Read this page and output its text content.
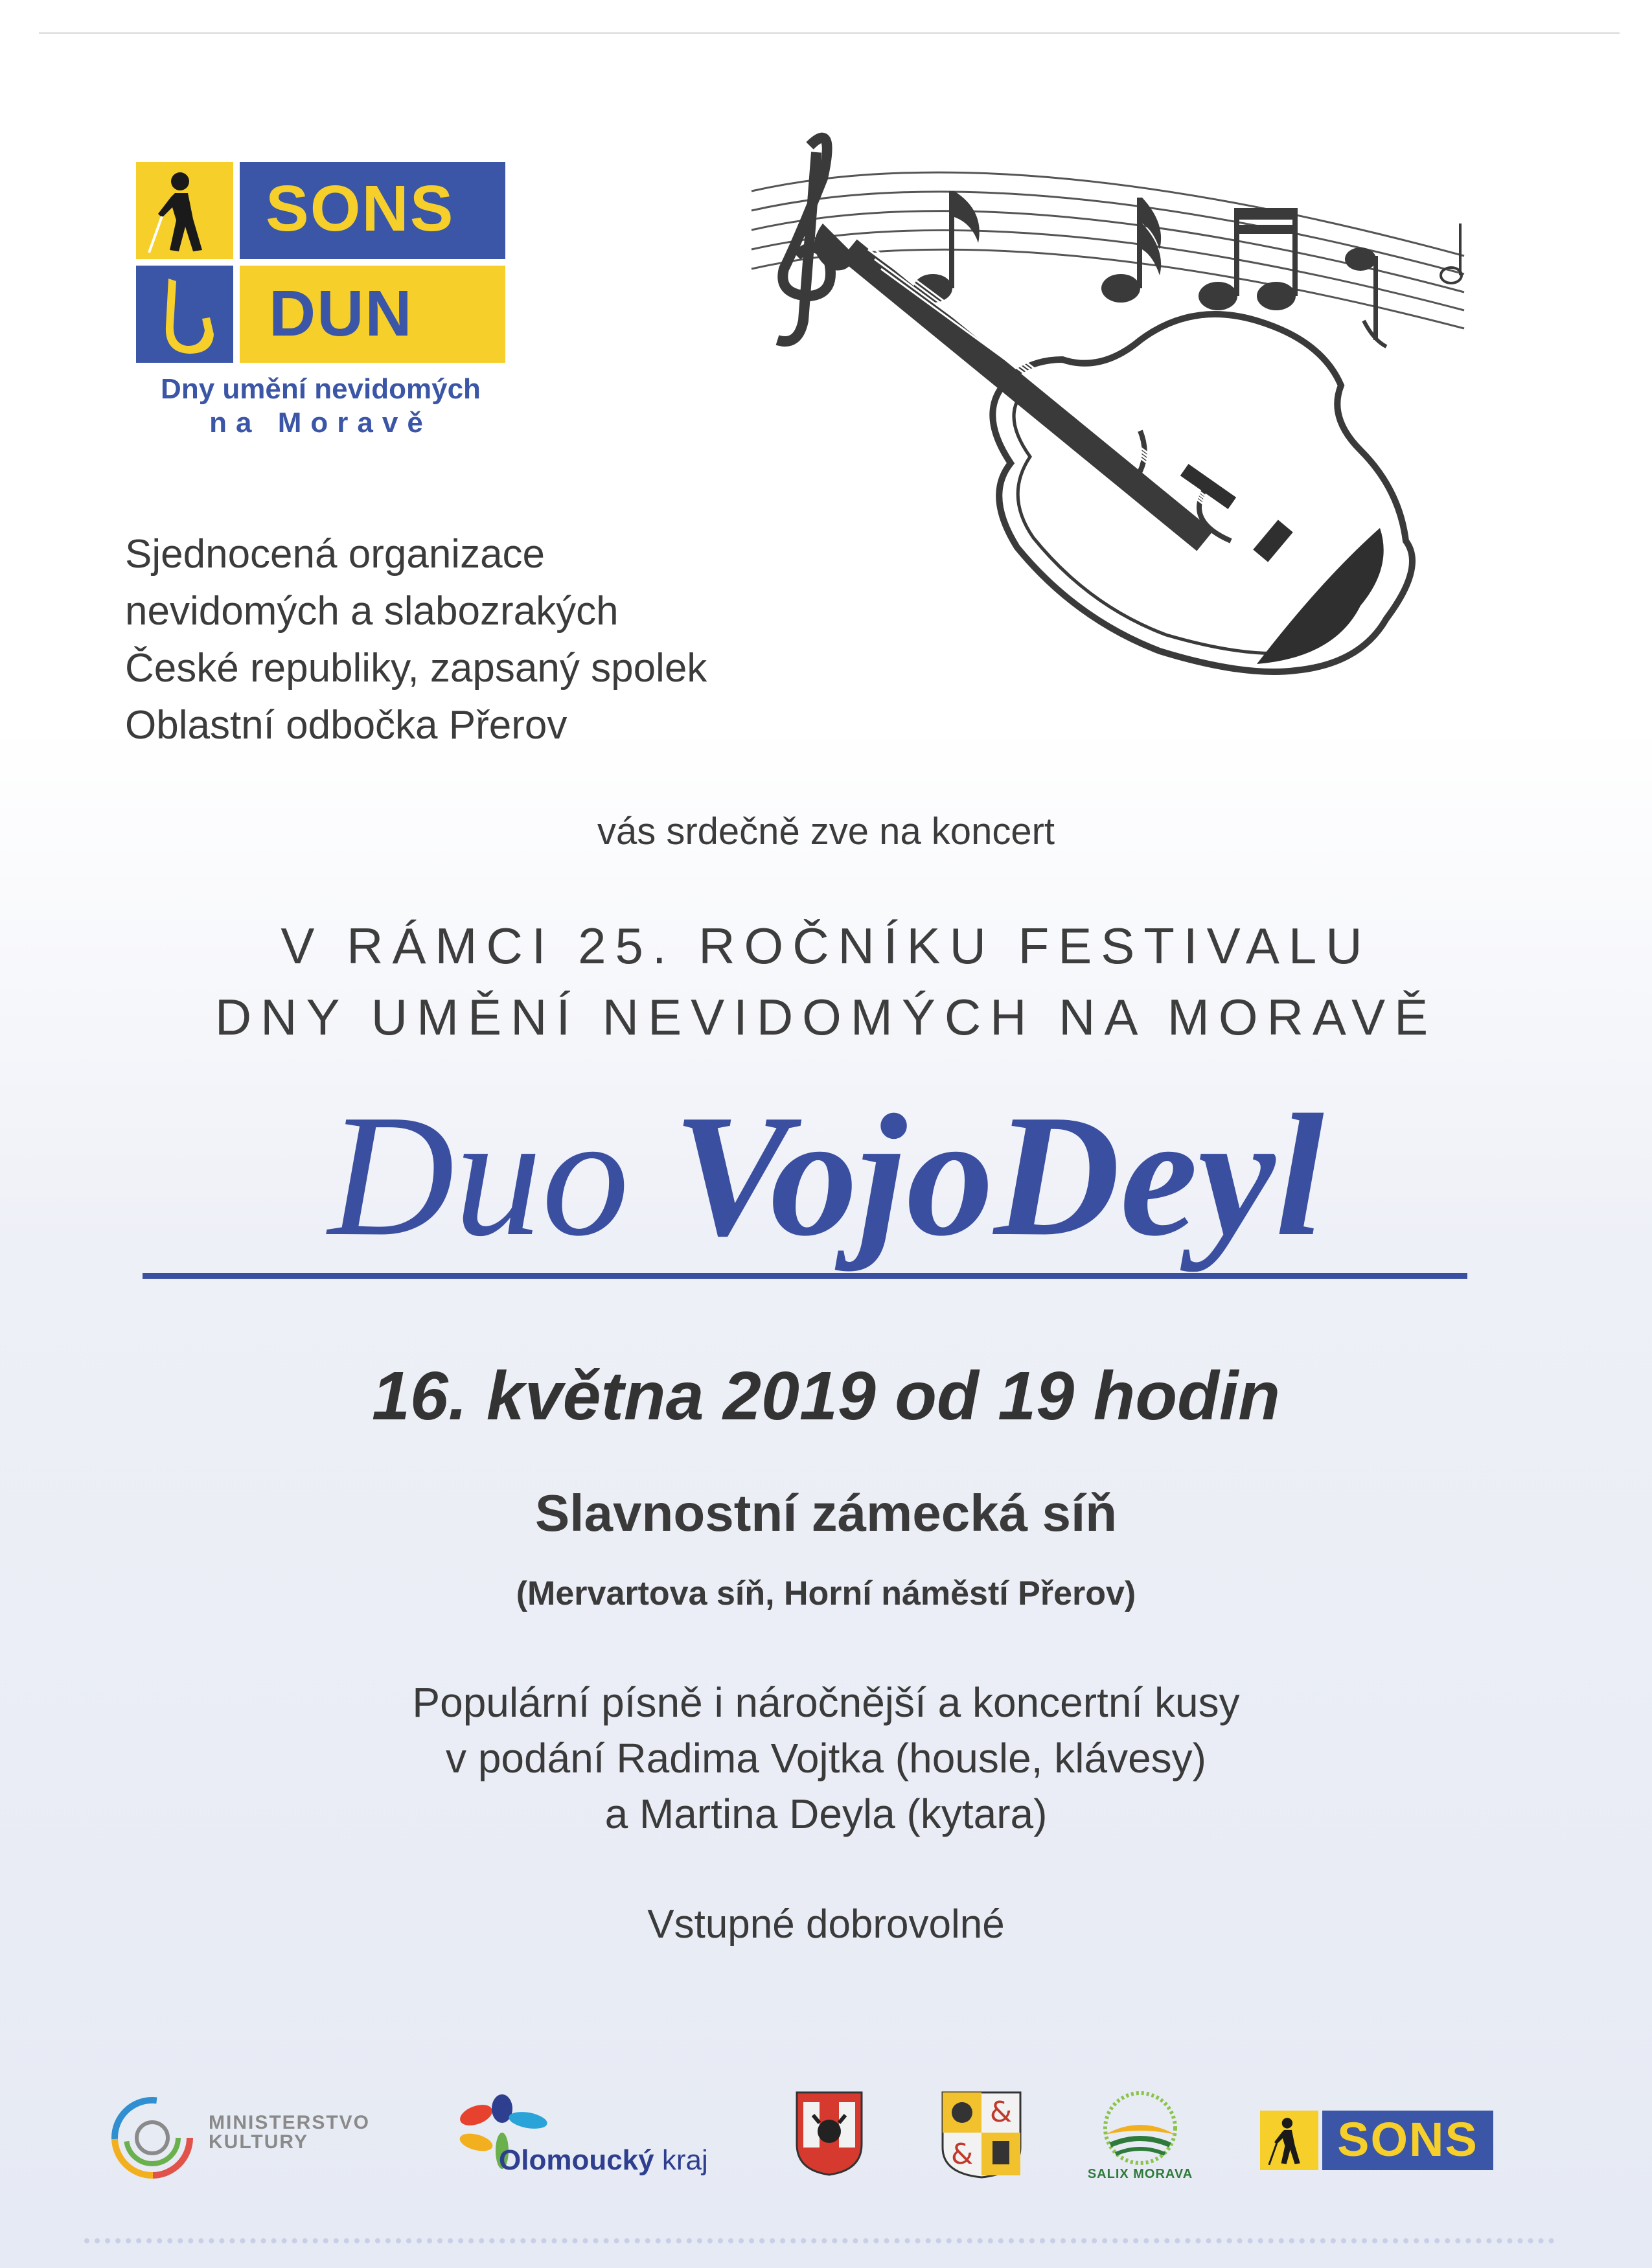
SONS
DUN
Dny umění nevidomých
na Moravě
Sjednocená organizace
nevidomých a slabozrakých
České republiky, zapsaný spolek
Oblastní odbočka Přerov
vás srdečně zve na koncert
V RÁMCI 25. ROČNÍKU FESTIVALU
DNY UMĚNÍ NEVIDOMÝCH NA MORAVĚ
Duo VojoDeyl
16. května 2019 od 19 hodin
Slavnostní zámecká síň
(Mervartova síň, Horní náměstí Přerov)
Populární písně i náročnější a koncertní kusy
v podání Radima Vojtka (housle, klávesy)
a Martina Deyla (kytara)
Vstupné dobrovolné
MINISTERSTVO
KULTURY
Olomoucký kraj
&
&
SALIX MORAVA
SONS
